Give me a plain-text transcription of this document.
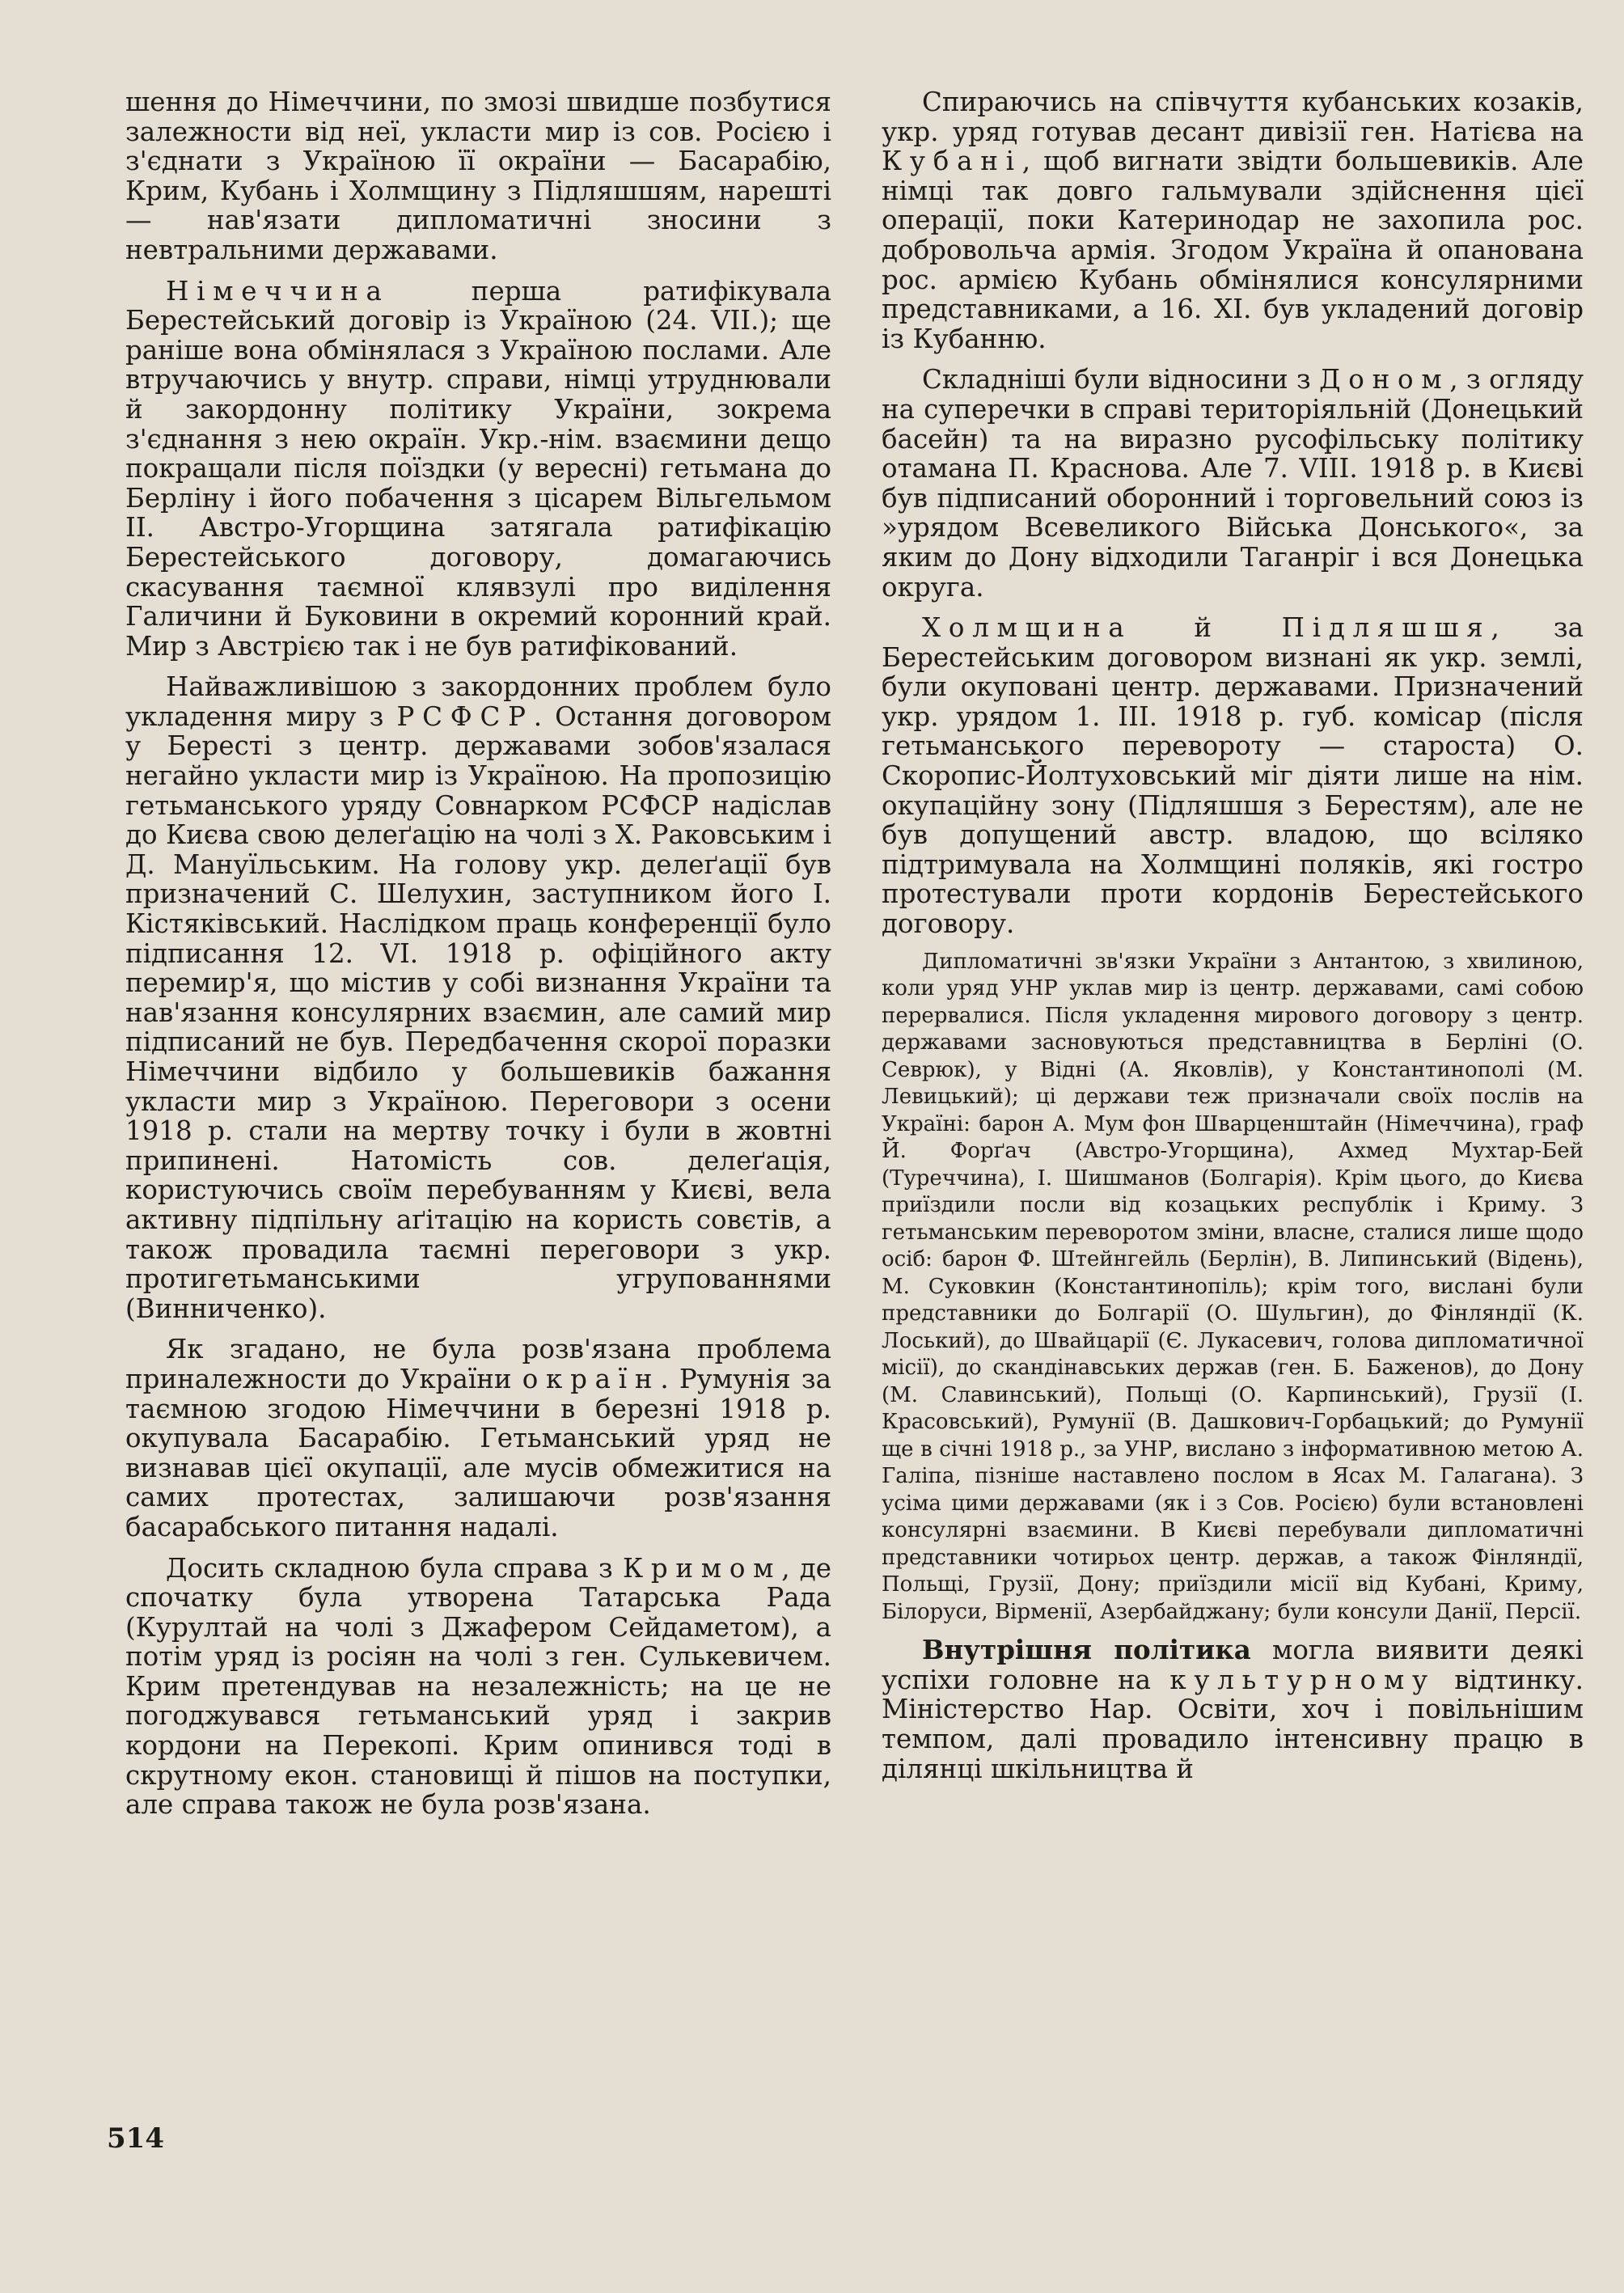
шення до Німеччини, по змозі швидше позбутися залежности від неї, укласти мир із сов. Росією і з'єднати з Україною її окраїни — Басарабію, Крим, Кубань і Холмщину з Підляшшям, нарешті — нав'язати дипломатичні зносини з невтральними державами.

Німеччина перша ратифікувала Берестейський договір із Україною (24. VII.); ще раніше вона обмінялася з Україною послами. Але втручаючись у внутр. справи, німці утруднювали й закордонну політику України, зокрема з'єднання з нею окраїн. Укр.-нім. взаємини дещо покращали після поїздки (у вересні) гетьмана до Берліну і його побачення з цісарем Вільгельмом II. Австро-Угорщина затягала ратифікацію Берестейського договору, домагаючись скасування таємної клявзулі про виділення Галичини й Буковини в окремий коронний край. Мир з Австрією так і не був ратифікований.

Найважливішою з закордонних проблем було укладення миру з РСФСР. Остання договором у Бересті з центр. державами зобов'язалася негайно укласти мир із Україною. На пропозицію гетьманського уряду Совнарком РСФСР надіслав до Києва свою делеґацію на чолі з Х. Раковським і Д. Мануїльським. На голову укр. делеґації був призначений С. Шелухин, заступником його І. Кістяківський. Наслідком праць конференції було підписання 12. VI. 1918 р. офіційного акту перемир'я, що містив у собі визнання України та нав'язання консулярних взаємин, але самий мир підписаний не був. Передбачення скорої поразки Німеччини відбило у большевиків бажання укласти мир з Україною. Переговори з осени 1918 р. стали на мертву точку і були в жовтні припинені. Натомість сов. делеґація, користуючись своїм перебуванням у Києві, вела активну підпільну аґітацію на користь совєтів, а також провадила таємні переговори з укр. протигетьманськими угрупованнями (Винниченко).

Як згадано, не була розв'язана проблема приналежности до України окраїн. Румунія за таємною згодою Німеччини в березні 1918 р. окупувала Басарабію. Гетьманський уряд не визнавав цієї окупації, але мусів обмежитися на самих протестах, залишаючи розв'язання басарабського питання надалі.

Досить складною була справа з Кримом, де спочатку була утворена Татарська Рада (Курултай на чолі з Джафером Сейдаметом), а потім уряд із росіян на чолі з ген. Сулькевичем. Крим претендував на незалежність; на це не погоджувався гетьманський уряд і закрив кордони на Перекопі. Крим опинився тоді в скрутному екон. становищі й пішов на поступки, але справа також не була розв'язана.

Спираючись на співчуття кубанських козаків, укр. уряд готував десант дивізії ген. Натієва на Кубані, щоб вигнати звідти большевиків. Але німці так довго гальмували здійснення цієї операції, поки Катеринодар не захопила рос. добровольча армія. Згодом Україна й опанована рос. армією Кубань обмінялися консулярними представниками, а 16. XI. був укладений договір із Кубанню.

Складніші були відносини з Доном, з огляду на суперечки в справі територіяльній (Донецький басейн) та на виразно русофільську політику отамана П. Краснова. Але 7. VIII. 1918 р. в Києві був підписаний оборонний і торговельний союз із »урядом Всевеликого Війська Донського«, за яким до Дону відходили Таганріг і вся Донецька округа.

Холмщина й Підляшшя, за Берестейським договором визнані як укр. землі, були окуповані центр. державами. Призначений укр. урядом 1. III. 1918 р. губ. комісар (після гетьманського перевороту — староста) О. Скоропис-Йолтуховський міг діяти лише на нім. окупаційну зону (Підляшшя з Берестям), але не був допущений австр. владою, що всіляко підтримувала на Холмщині поляків, які гостро протестували проти кордонів Берестейського договору.

Дипломатичні зв'язки України з Антантою, з хвилиною, коли уряд УНР уклав мир із центр. державами, самі собою перервалися. Після укладення мирового договору з центр. державами засновуються представництва в Берліні (О. Севрюк), у Відні (А. Яковлів), у Константинополі (М. Левицький); ці держави теж призначали своїх послів на Україні: барон А. Мум фон Шварценштайн (Німеччина), граф Й. Форґач (Австро-Угорщина), Ахмед Мухтар-Бей (Туреччина), І. Шишманов (Болгарія). Крім цього, до Києва приїздили посли від козацьких республік і Криму. З гетьманським переворотом зміни, власне, сталися лише щодо осіб: барон Ф. Штейнгейль (Берлін), В. Липинський (Відень), М. Суковкин (Константинопіль); крім того, вислані були представники до Болгарії (О. Шульгин), до Фінляндії (К. Лоський), до Швайцарії (Є. Лукасевич, голова дипломатичної місії), до скандінавських держав (ген. Б. Баженов), до Дону (М. Славинський), Польщі (О. Карпинський), Грузії (І. Красовський), Румунії (В. Дашкович-Горбацький; до Румунії ще в січні 1918 р., за УНР, вислано з інформативною метою А. Галіпа, пізніше наставлено послом в Ясах М. Галагана). З усіма цими державами (як і з Сов. Росією) були встановлені консулярні взаємини. В Києві перебували дипломатичні представники чотирьох центр. держав, а також Фінляндії, Польщі, Грузії, Дону; приїздили місії від Кубані, Криму, Білоруси, Вірменії, Азербайджану; були консули Данії, Персії.

Внутрішня політика могла виявити деякі успіхи головне на культурному відтинку. Міністерство Нар. Освіти, хоч і повільнішим темпом, далі провадило інтенсивну працю в ділянці шкільництва й

514
